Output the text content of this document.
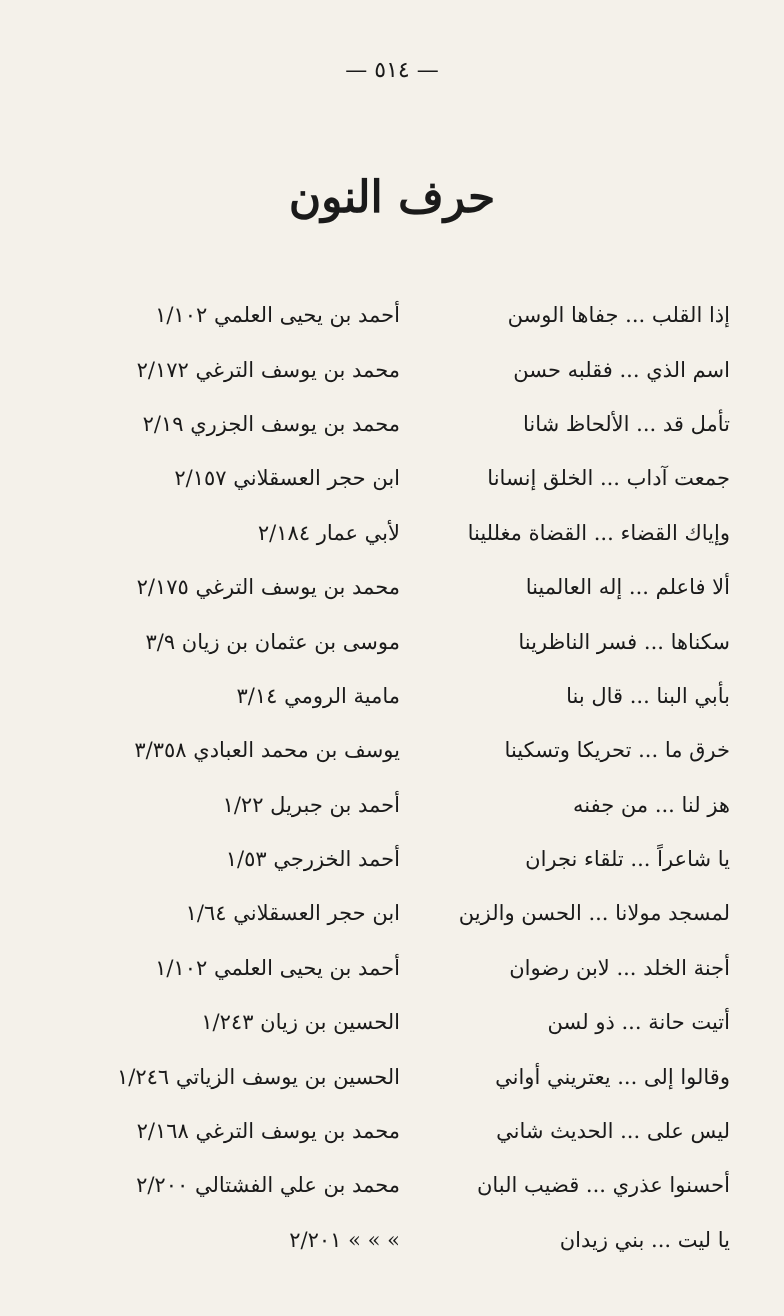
— ٥١٤ —
حرف النون
إذا القلب ... جفاها الوسن
أحمد بن يحيى العلمي ١/١٠٢
اسم الذي ... فقلبه حسن
محمد بن يوسف الترغي ٢/١٧٢
تأمل قد ... الألحاظ شانا
محمد بن يوسف الجزري ٢/١٩
جمعت آداب ... الخلق إنسانا
ابن حجر العسقلاني ٢/١٥٧
وإياك القضاء ... القضاة مغللينا
لأبي عمار ٢/١٨٤
ألا فاعلم ... إله العالمينا
محمد بن يوسف الترغي ٢/١٧٥
سكناها ... فسر الناظرينا
موسى بن عثمان بن زيان ٣/٩
بأبي البنا ... قال بنا
مامية الرومي ٣/١٤
خرق ما ... تحريكا وتسكينا
يوسف بن محمد العبادي ٣/٣٥٨
هز لنا ... من جفنه
أحمد بن جبريل ١/٢٢
يا شاعراً ... تلقاء نجران
أحمد الخزرجي ١/٥٣
لمسجد مولانا ... الحسن والزين
ابن حجر العسقلاني ١/٦٤
أجنة الخلد ... لابن رضوان
أحمد بن يحيى العلمي ١/١٠٢
أتيت حانة ... ذو لسن
الحسين بن زيان ١/٢٤٣
وقالوا إلى ... يعتريني أواني
الحسين بن يوسف الزياتي ١/٢٤٦
ليس على ... الحديث شاني
محمد بن يوسف الترغي ٢/١٦٨
أحسنوا عذري ... قضيب البان
محمد بن علي الفشتالي ٢/٢٠٠
يا ليت ... بني زيدان
» » » ٢/٢٠١
